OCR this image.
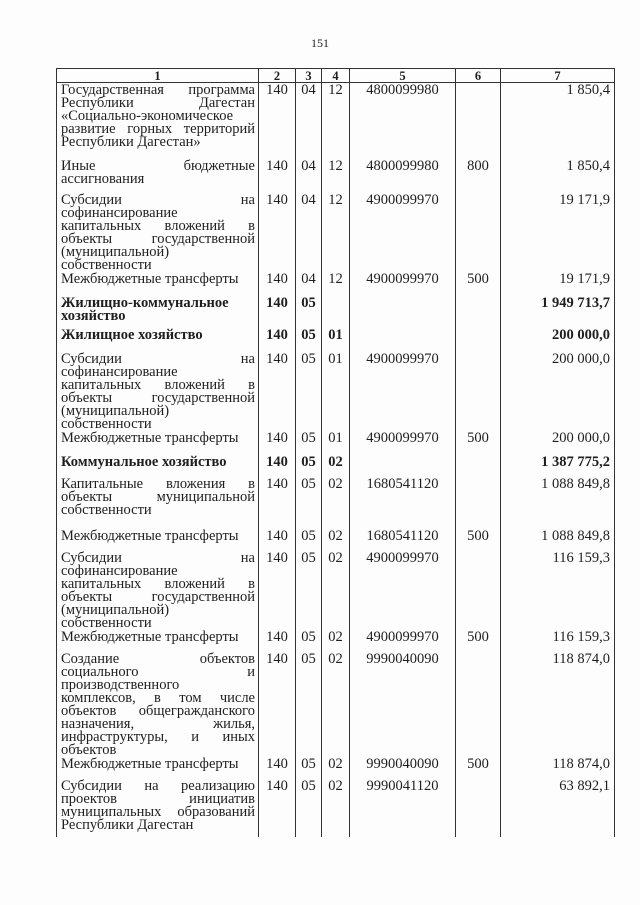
151
1	2	3	4	5	6	7
Государственная программа Республики Дагестан «Социально-экономическое развитие горных территорий Республики Дагестан»	140	04	12	4800099980		1 850,4
Иные бюджетные ассигнования	140	04	12	4800099980	800	1 850,4
Субсидии на софинансирование капитальных вложений в объекты государственной (муниципальной) собственности	140	04	12	4900099970		19 171,9
Межбюджетные трансферты	140	04	12	4900099970	500	19 171,9
Жилищно-коммунальное хозяйство	140	05				1 949 713,7
Жилищное хозяйство	140	05	01			200 000,0
Субсидии на софинансирование капитальных вложений в объекты государственной (муниципальной) собственности	140	05	01	4900099970		200 000,0
Межбюджетные трансферты	140	05	01	4900099970	500	200 000,0
Коммунальное хозяйство	140	05	02			1 387 775,2
Капитальные вложения в объекты муниципальной собственности	140	05	02	1680541120		1 088 849,8
Межбюджетные трансферты	140	05	02	1680541120	500	1 088 849,8
Субсидии на софинансирование капитальных вложений в объекты государственной (муниципальной) собственности	140	05	02	4900099970		116 159,3
Межбюджетные трансферты	140	05	02	4900099970	500	116 159,3
Создание объектов социального и производственного комплексов, в том числе объектов общегражданского назначения, жилья, инфраструктуры, и иных объектов	140	05	02	9990040090		118 874,0
Межбюджетные трансферты	140	05	02	9990040090	500	118 874,0
Субсидии на реализацию проектов инициатив муниципальных образований Республики Дагестан	140	05	02	9990041120		63 892,1
